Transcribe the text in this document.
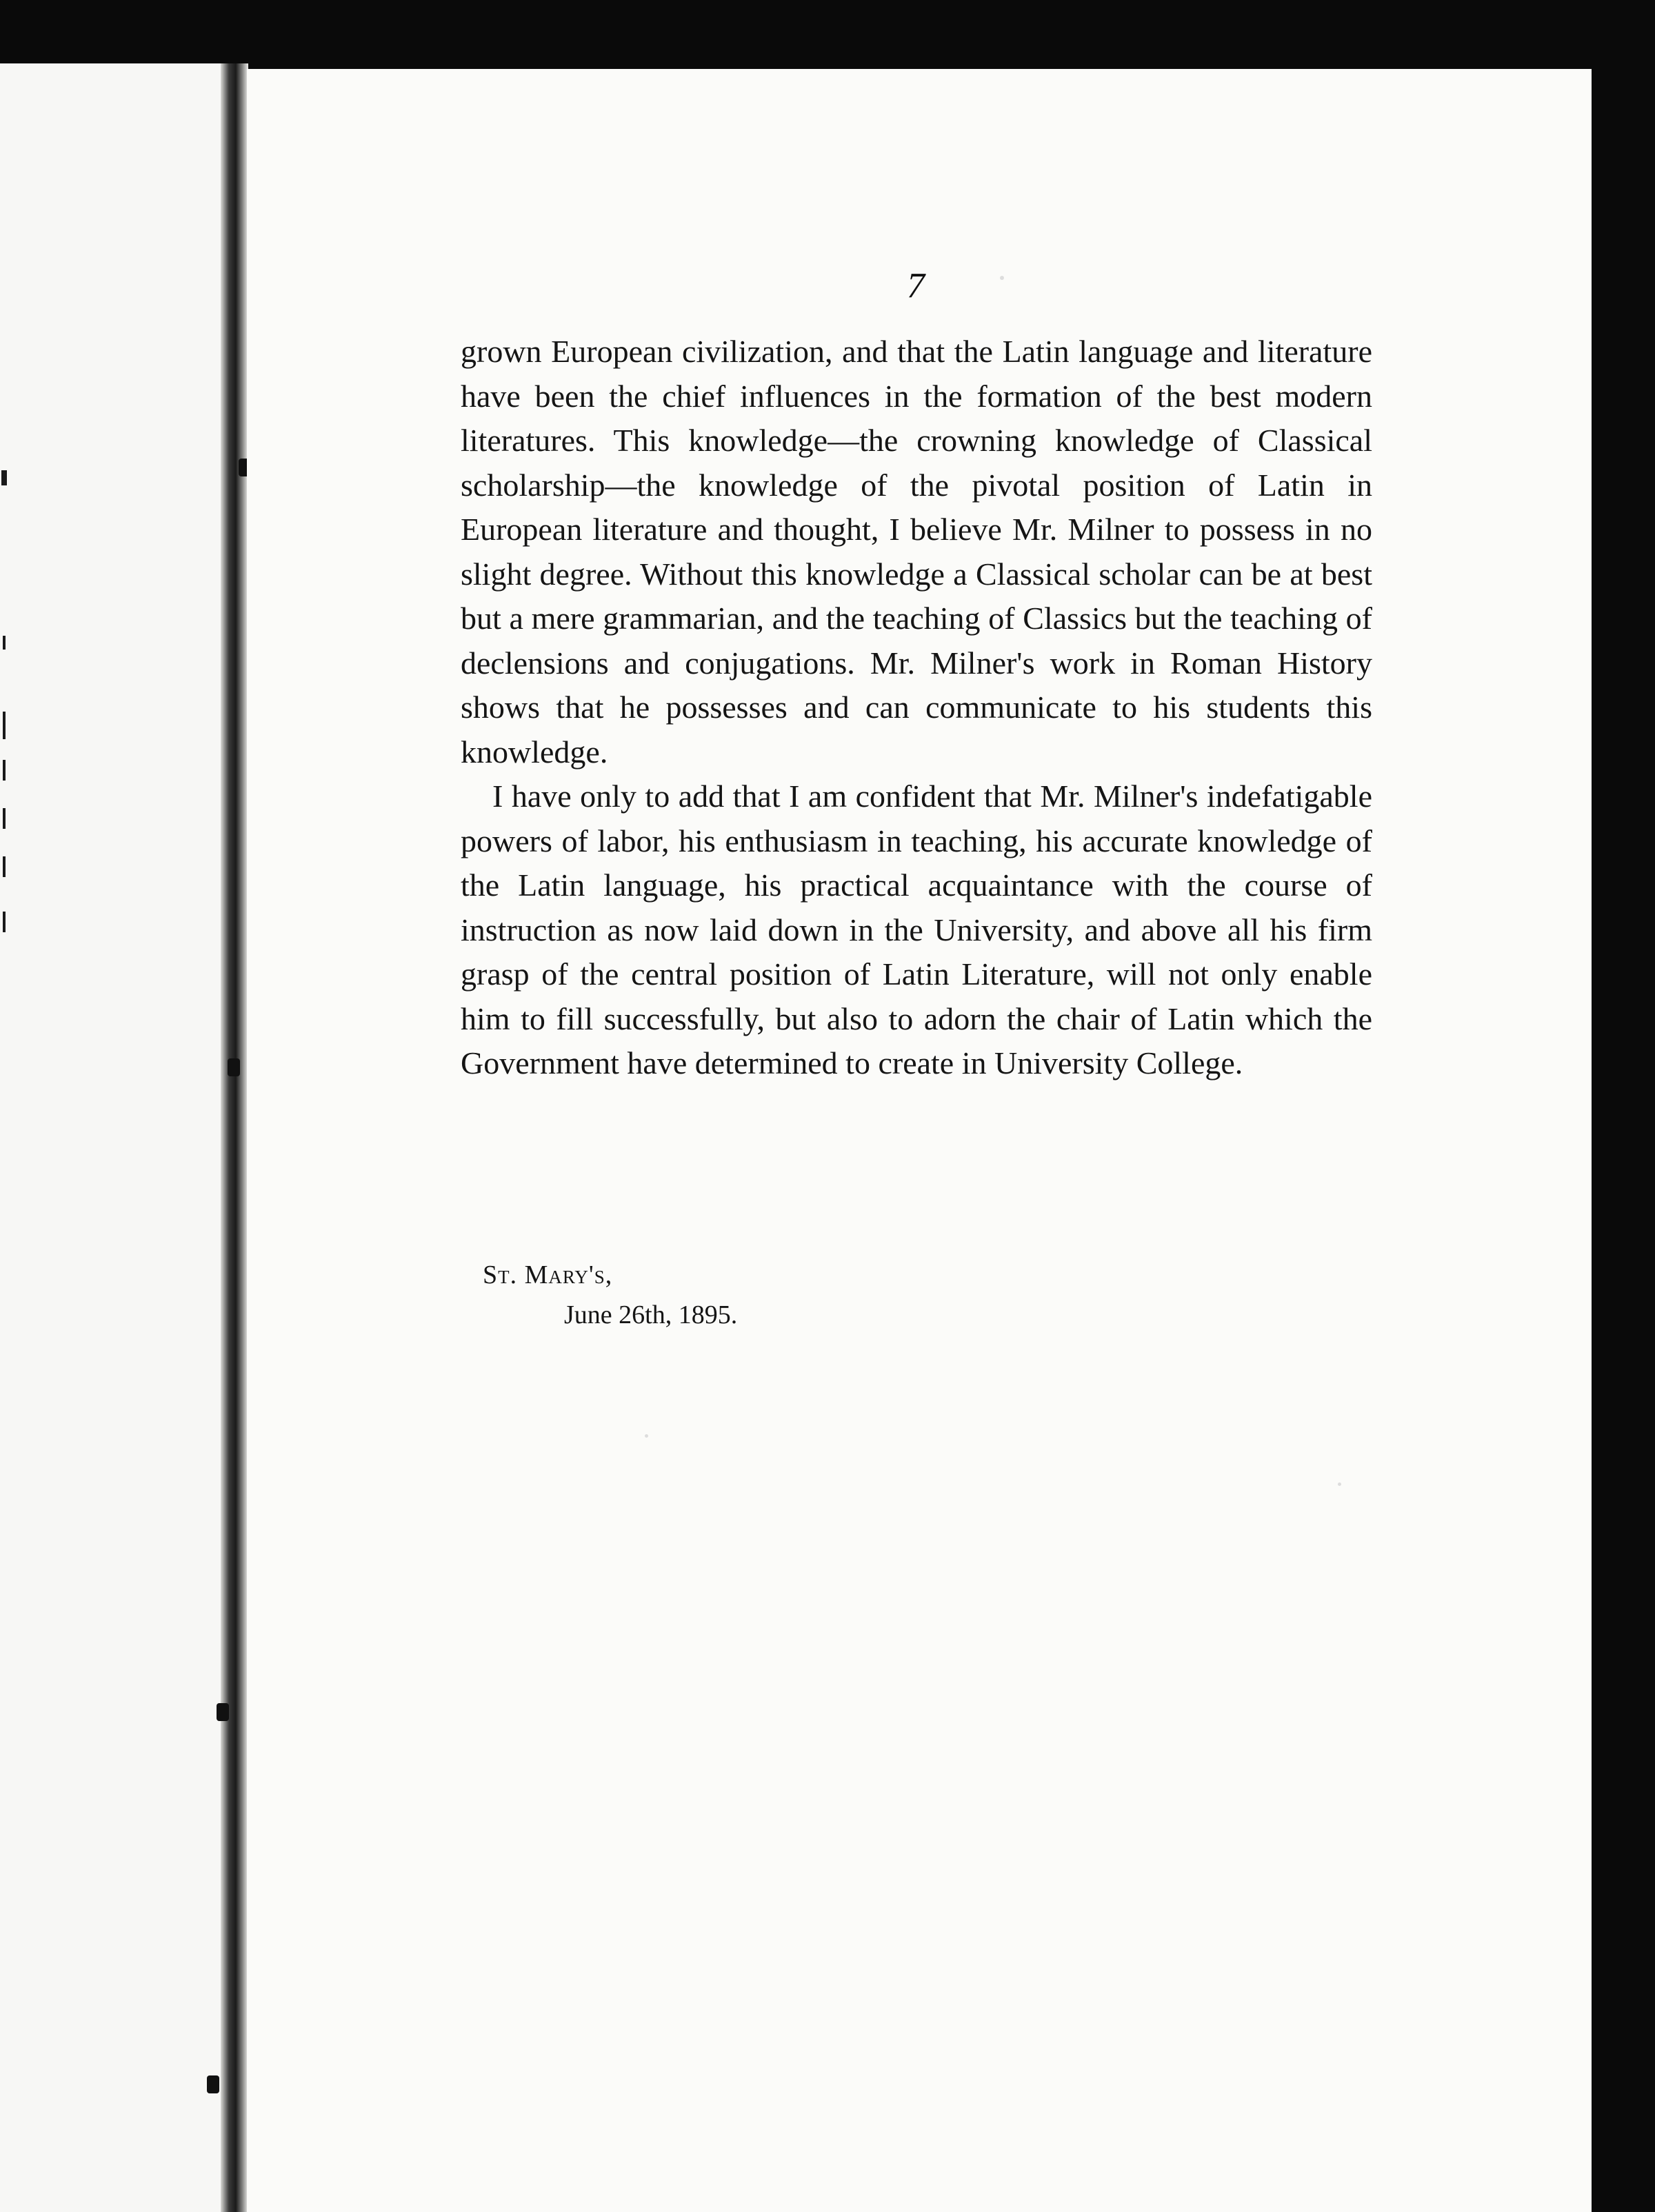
7

grown European civilization, and that the Latin language and literature have been the chief influences in the formation of the best modern literatures. This knowledge—the crowning knowledge of Classical scholarship—the knowledge of the pivotal position of Latin in European literature and thought, I believe Mr. Milner to possess in no slight degree. Without this knowledge a Classical scholar can be at best but a mere grammarian, and the teaching of Classics but the teaching of declensions and conjugations. Mr. Milner's work in Roman History shows that he possesses and can communicate to his students this knowledge.

I have only to add that I am confident that Mr. Milner's indefatigable powers of labor, his enthusiasm in teaching, his accurate knowledge of the Latin language, his practical acquaintance with the course of instruction as now laid down in the University, and above all his firm grasp of the central position of Latin Literature, will not only enable him to fill successfully, but also to adorn the chair of Latin which the Government have determined to create in University College.

St. Mary's,
June 26th, 1895.
